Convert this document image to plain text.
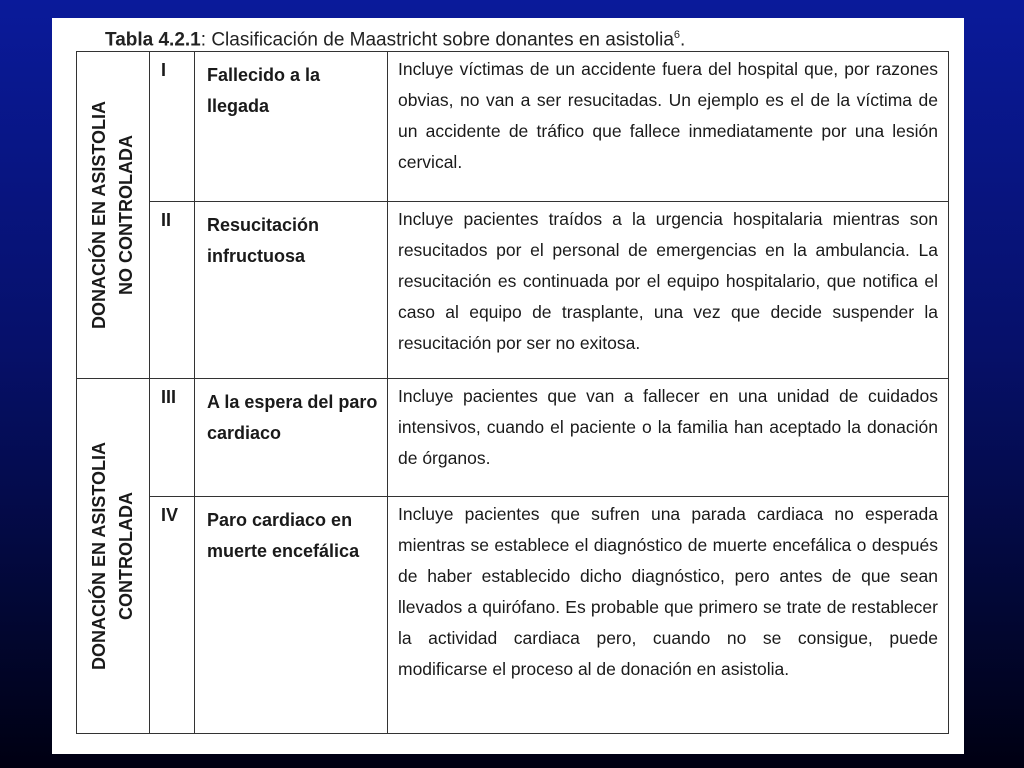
Tabla 4.2.1: Clasificación de Maastricht sobre donantes en asistolia$^6$.
DONACIÓN EN ASISTOLIA NO CONTROLADA	I	Fallecido a la llegada	Incluye víctimas de un accidente fuera del hospital que, por razones obvias, no van a ser resucitadas. Un ejemplo es el de la víctima de un accidente de tráfico que fallece inmediatamente por una lesión cervical.
	II	Resucitación infructuosa	Incluye pacientes traídos a la urgencia hospitalaria mientras son resucitados por el personal de emergencias en la ambulancia. La resucitación es continuada por el equipo hospitalario, que notifica el caso al equipo de trasplante, una vez que decide suspender la resucitación por ser no exitosa.

DONACIÓN EN ASISTOLIA CONTROLADA	III	A la espera del paro cardiaco	Incluye pacientes que van a fallecer en una unidad de cuidados intensivos, cuando el paciente o la familia han aceptado la donación de órganos.
	IV	Paro cardiaco en muerte encefálica	Incluye pacientes que sufren una parada cardiaca no esperada mientras se establece el diagnóstico de muerte encefálica o después de haber establecido dicho diagnóstico, pero antes de que sean llevados a quirófano. Es probable que primero se trate de restablecer la actividad cardiaca pero, cuando no se consigue, puede modificarse el proceso al de donación en asistolia.
